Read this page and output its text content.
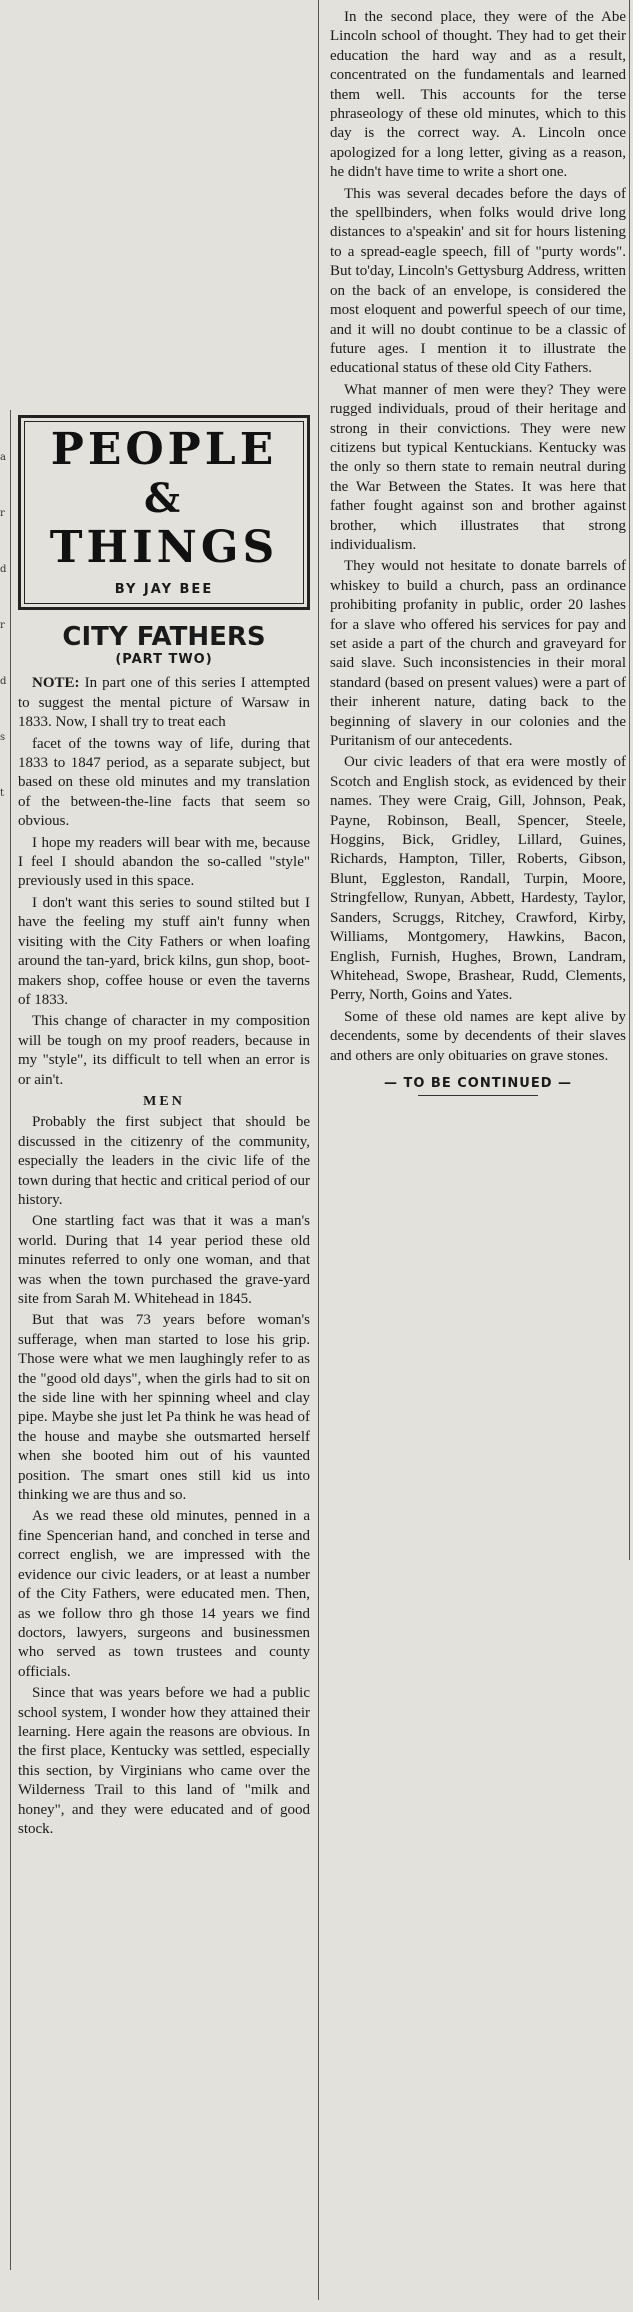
a
r
d
r
d
s
t
PEOPLE
&
THINGS
BY JAY BEE
CITY FATHERS
(PART TWO)

NOTE: In part one of this series I attempted to suggest the mental picture of Warsaw in 1833. Now, I shall try to treat each

facet of the towns way of life, during that 1833 to 1847 period, as a separate subject, but based on these old minutes and my translation of the between-the-line facts that seem so obvious.

I hope my readers will bear with me, because I feel I should abandon the so-called "style" previously used in this space.

I don't want this series to sound stilted but I have the feeling my stuff ain't funny when visiting with the City Fathers or when loafing around the tan-yard, brick kilns, gun shop, boot-makers shop, coffee house or even the taverns of 1833.

This change of character in my composition will be tough on my proof readers, because in my "style", its difficult to tell when an error is or ain't.

MEN

Probably the first subject that should be discussed in the citizenry of the community, especially the leaders in the civic life of the town during that hectic and critical period of our history.

One startling fact was that it was a man's world. During that 14 year period these old minutes referred to only one woman, and that was when the town purchased the grave-yard site from Sarah M. Whitehead in 1845.

But that was 73 years before woman's sufferage, when man started to lose his grip. Those were what we men laughingly refer to as the "good old days", when the girls had to sit on the side line with her spinning wheel and clay pipe. Maybe she just let Pa think he was head of the house and maybe she outsmarted herself when she booted him out of his vaunted position. The smart ones still kid us into thinking we are thus and so.

As we read these old minutes, penned in a fine Spencerian hand, and conched in terse and correct english, we are impressed with the evidence our civic leaders, or at least a number of the City Fathers, were educated men. Then, as we follow thro gh those 14 years we find doctors, lawyers, surgeons and businessmen who served as town trustees and county officials.

Since that was years before we had a public school system, I wonder how they attained their learning. Here again the reasons are obvious. In the first place, Kentucky was settled, especially this section, by Virginians who came over the Wilderness Trail to this land of "milk and honey", and they were educated and of good stock.

In the second place, they were of the Abe Lincoln school of thought. They had to get their education the hard way and as a result, concentrated on the fundamentals and learned them well. This accounts for the terse phraseology of these old minutes, which to this day is the correct way. A. Lincoln once apologized for a long letter, giving as a reason, he didn't have time to write a short one.

This was several decades before the days of the spellbinders, when folks would drive long distances to a'speakin' and sit for hours listening to a spread-eagle speech, fill of "purty words". But to'day, Lincoln's Gettysburg Address, written on the back of an envelope, is considered the most eloquent and powerful speech of our time, and it will no doubt continue to be a classic of future ages. I mention it to illustrate the educational status of these old City Fathers.

What manner of men were they? They were rugged individuals, proud of their heritage and strong in their convictions. They were new citizens but typical Kentuckians. Kentucky was the only so thern state to remain neutral during the War Between the States. It was here that father fought against son and brother against brother, which illustrates that strong individualism.

They would not hesitate to donate barrels of whiskey to build a church, pass an ordinance prohibiting profanity in public, order 20 lashes for a slave who offered his services for pay and set aside a part of the church and graveyard for said slave. Such inconsistencies in their moral standard (based on present values) were a part of their inherent nature, dating back to the beginning of slavery in our colonies and the Puritanism of our antecedents.

Our civic leaders of that era were mostly of Scotch and English stock, as evidenced by their names. They were Craig, Gill, Johnson, Peak, Payne, Robinson, Beall, Spencer, Steele, Hoggins, Bick, Gridley, Lillard, Guines, Richards, Hampton, Tiller, Roberts, Gibson, Blunt, Eggleston, Randall, Turpin, Moore, Stringfellow, Runyan, Abbett, Hardesty, Taylor, Sanders, Scruggs, Ritchey, Crawford, Kirby, Williams, Montgomery, Hawkins, Bacon, English, Furnish, Hughes, Brown, Landram, Whitehead, Swope, Brashear, Rudd, Clements, Perry, North, Goins and Yates.

Some of these old names are kept alive by decendents, some by decendents of their slaves and others are only obituaries on grave stones.

— TO BE CONTINUED —
